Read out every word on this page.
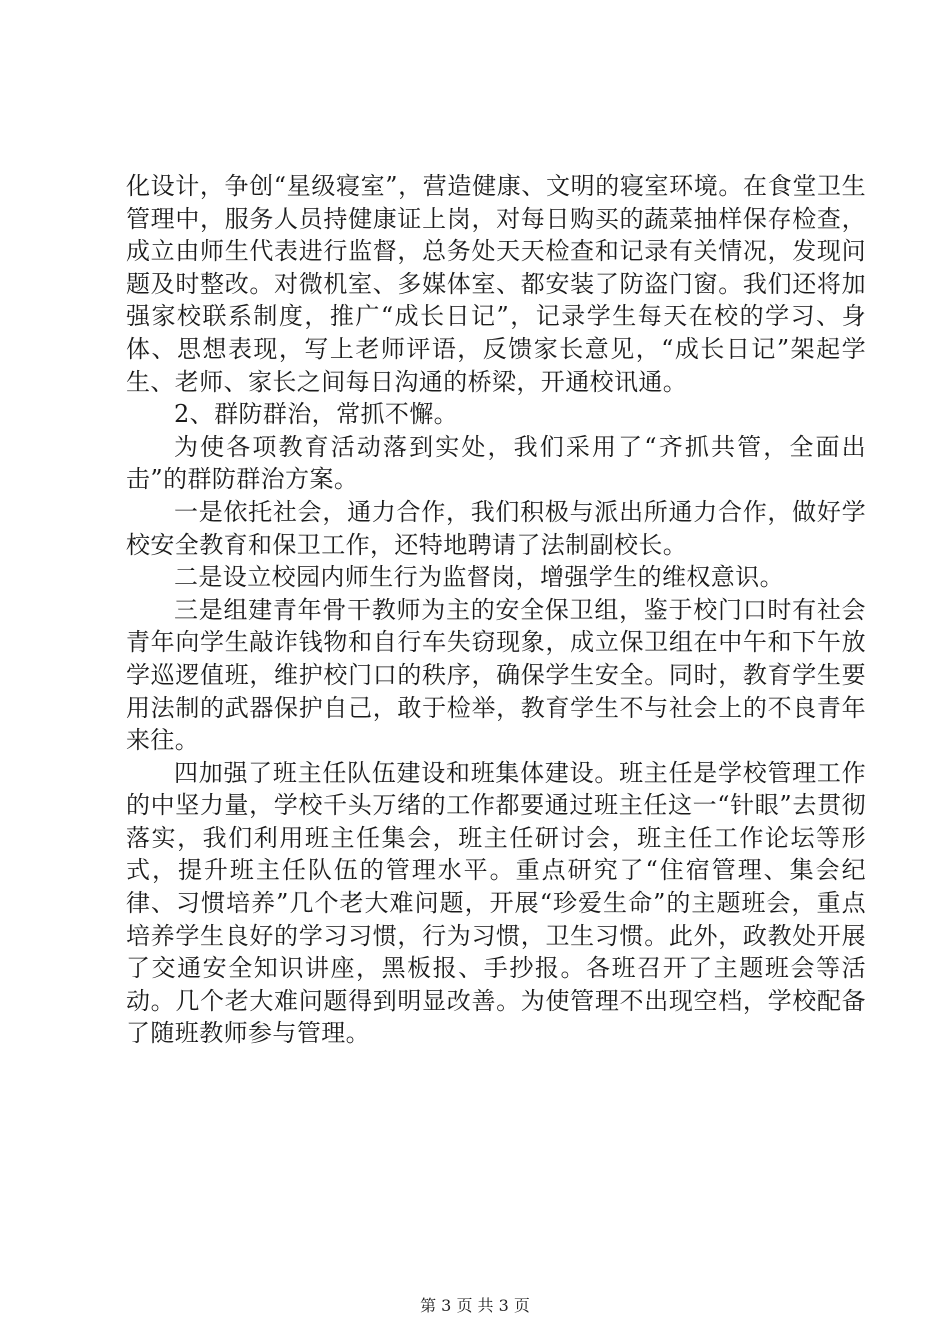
化设计，争创“星级寝室”，营造健康、文明的寝室环境。在食堂卫生管理中，服务人员持健康证上岗，对每日购买的蔬菜抽样保存检查，成立由师生代表进行监督，总务处天天检查和记录有关情况，发现问题及时整改。对微机室、多媒体室、都安装了防盗门窗。我们还将加强家校联系制度，推广“成长日记”，记录学生每天在校的学习、身体、思想表现，写上老师评语，反馈家长意见，“成长日记”架起学生、老师、家长之间每日沟通的桥梁，开通校讯通。

2、群防群治，常抓不懈。

为使各项教育活动落到实处，我们采用了“齐抓共管，全面出击”的群防群治方案。

一是依托社会，通力合作，我们积极与派出所通力合作，做好学校安全教育和保卫工作，还特地聘请了法制副校长。

二是设立校园内师生行为监督岗，增强学生的维权意识。

三是组建青年骨干教师为主的安全保卫组，鉴于校门口时有社会青年向学生敲诈钱物和自行车失窃现象，成立保卫组在中午和下午放学巡逻值班，维护校门口的秩序，确保学生安全。同时，教育学生要用法制的武器保护自己，敢于检举，教育学生不与社会上的不良青年来往。

四加强了班主任队伍建设和班集体建设。班主任是学校管理工作的中坚力量，学校千头万绪的工作都要通过班主任这一“针眼”去贯彻落实，我们利用班主任集会，班主任研讨会，班主任工作论坛等形式，提升班主任队伍的管理水平。重点研究了“住宿管理、集会纪律、习惯培养”几个老大难问题，开展“珍爱生命”的主题班会，重点培养学生良好的学习习惯，行为习惯，卫生习惯。此外，政教处开展了交通安全知识讲座，黑板报、手抄报。各班召开了主题班会等活动。几个老大难问题得到明显改善。为使管理不出现空档，学校配备了随班教师参与管理。

第 3 页 共 3 页
